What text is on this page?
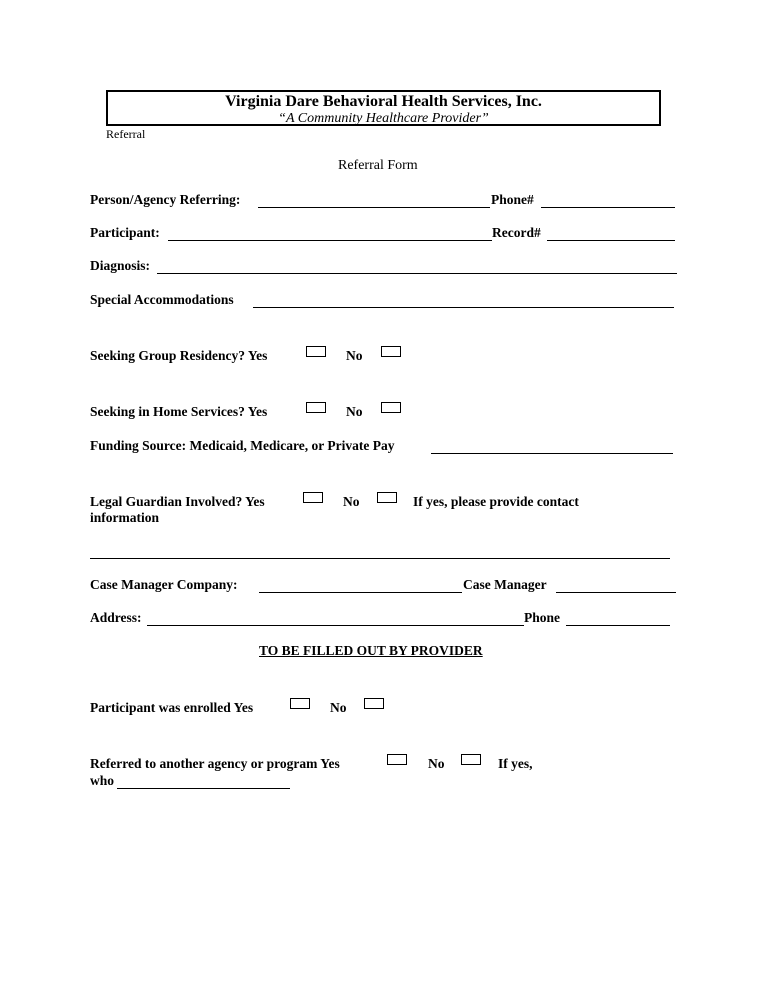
Virginia Dare Behavioral Health Services, Inc.
“A Community Healthcare Provider”
Referral
Referral Form
Person/Agency Referring:	Phone#
Participant:	Record#
Diagnosis:
Special Accommodations
Seeking Group Residency? Yes	No
Seeking in Home Services? Yes	No
Funding Source: Medicaid, Medicare, or Private Pay
Legal Guardian Involved? Yes	No	If yes, please provide contact
information
Case Manager Company:	Case Manager
Address:	Phone
TO BE FILLED OUT BY PROVIDER
Participant was enrolled Yes	No
Referred to another agency or program Yes	No	If yes,
who
